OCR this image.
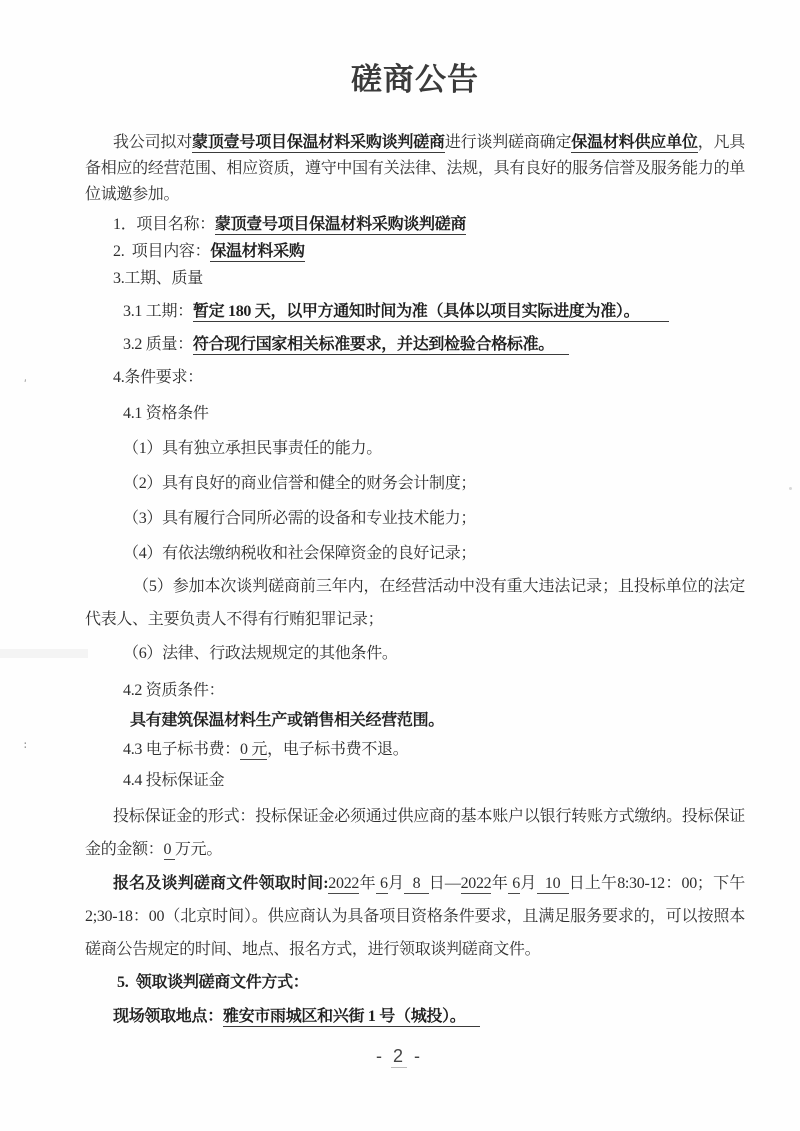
ʹ
:
磋商公告

我公司拟对蒙顶壹号项目保温材料采购谈判磋商进行谈判磋商确定保温材料供应单位，凡具备相应的经营范围、相应资质，遵守中国有关法律、法规，具有良好的服务信誉及服务能力的单位诚邀参加。

1．项目名称：蒙顶壹号项目保温材料采购谈判磋商

2.  项目内容：保温材料采购

3.工期、质量

3.1 工期：暂定 180 天，以甲方通知时间为准（具体以项目实际进度为准）。

3.2 质量：符合现行国家相关标准要求，并达到检验合格标准。

4.条件要求：

4.1 资格条件

（1）具有独立承担民事责任的能力。

（2）具有良好的商业信誉和健全的财务会计制度；

（3）具有履行合同所必需的设备和专业技术能力；

（4）有依法缴纳税收和社会保障资金的良好记录；

（5）参加本次谈判磋商前三年内，在经营活动中没有重大违法记录；且投标单位的法定代表人、主要负责人不得有行贿犯罪记录；

（6）法律、行政法规规定的其他条件。

4.2 资质条件：

具有建筑保温材料生产或销售相关经营范围。

4.3 电子标书费：0 元，电子标书费不退。

4.4 投标保证金

投标保证金的形式：投标保证金必须通过供应商的基本账户以银行转账方式缴纳。投标保证金的金额：0 万元。

报名及谈判磋商文件领取时间:2022年 6月  8  日—2022年 6月  10  日上午8:30-12：00；下午 2;30-18：00（北京时间）。供应商认为具备项目资格条件要求，且满足服务要求的，可以按照本磋商公告规定的时间、地点、报名方式，进行领取谈判磋商文件。

5.  领取谈判磋商文件方式：

现场领取地点：雅安市雨城区和兴街 1 号（城投）。

- 2 -
